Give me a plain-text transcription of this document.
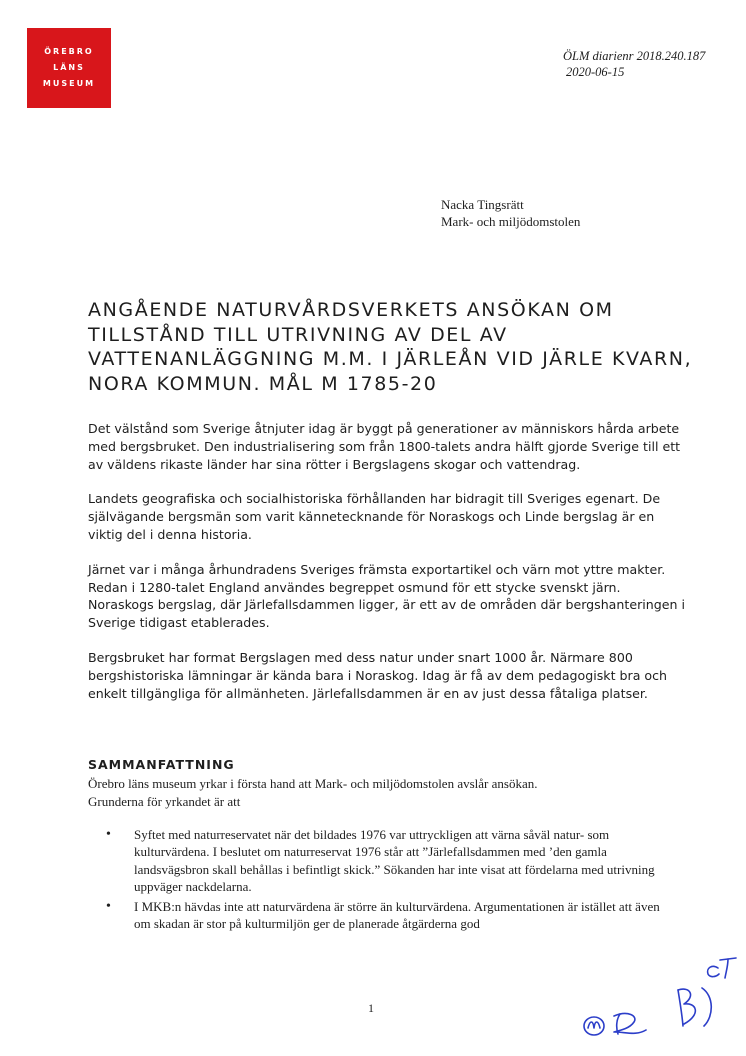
ÖREBRO
LÄNS
MUSEUM
ÖLM diarienr 2018.240.187
2020-06-15
Nacka Tingsrätt
Mark- och miljödomstolen
ANGÅENDE NATURVÅRDSVERKETS ANSÖKAN OM TILLSTÅND TILL UTRIVNING AV DEL AV VATTENANLÄGGNING M.M. I JÄRLEÅN VID JÄRLE KVARN, NORA KOMMUN. MÅL M 1785-20

Det välstånd som Sverige åtnjuter idag är byggt på generationer av människors hårda arbete med bergsbruket. Den industrialisering som från 1800-talets andra hälft gjorde Sverige till ett av väldens rikaste länder har sina rötter i Bergslagens skogar och vattendrag.

Landets geografiska och socialhistoriska förhållanden har bidragit till Sveriges egenart. De självägande bergsmän som varit kännetecknande för Noraskogs och Linde bergslag är en viktig del i denna historia.

Järnet var i många århundradens Sveriges främsta exportartikel och värn mot yttre makter. Redan i 1280-talet England användes begreppet osmund för ett stycke svenskt järn. Noraskogs bergslag, där Järlefallsdammen ligger, är ett av de områden där bergshanteringen i Sverige tidigast etablerades.

Bergsbruket har format Bergslagen med dess natur under snart 1000 år. Närmare 800 bergshistoriska lämningar är kända bara i Noraskog. Idag är få av dem pedagogiskt bra och enkelt tillgängliga för allmänheten. Järlefallsdammen är en av just dessa fåtaliga platser.

SAMMANFATTNING

Örebro läns museum yrkar i första hand att Mark- och miljödomstolen avslår ansökan.

Grunderna för yrkandet är att

• Syftet med naturreservatet när det bildades 1976 var uttryckligen att värna såväl natur- som kulturvärdena. I beslutet om naturreservat 1976 står att ”Järlefallsdammen med ’den gamla landsvägsbron skall behållas i befintligt skick.” Sökanden har inte visat att fördelarna med utrivning uppväger nackdelarna.
• I MKB:n hävdas inte att naturvärdena är större än kulturvärdena. Argumentationen är istället att även om skadan är stor på kulturmiljön ger de planerade åtgärderna god
1
